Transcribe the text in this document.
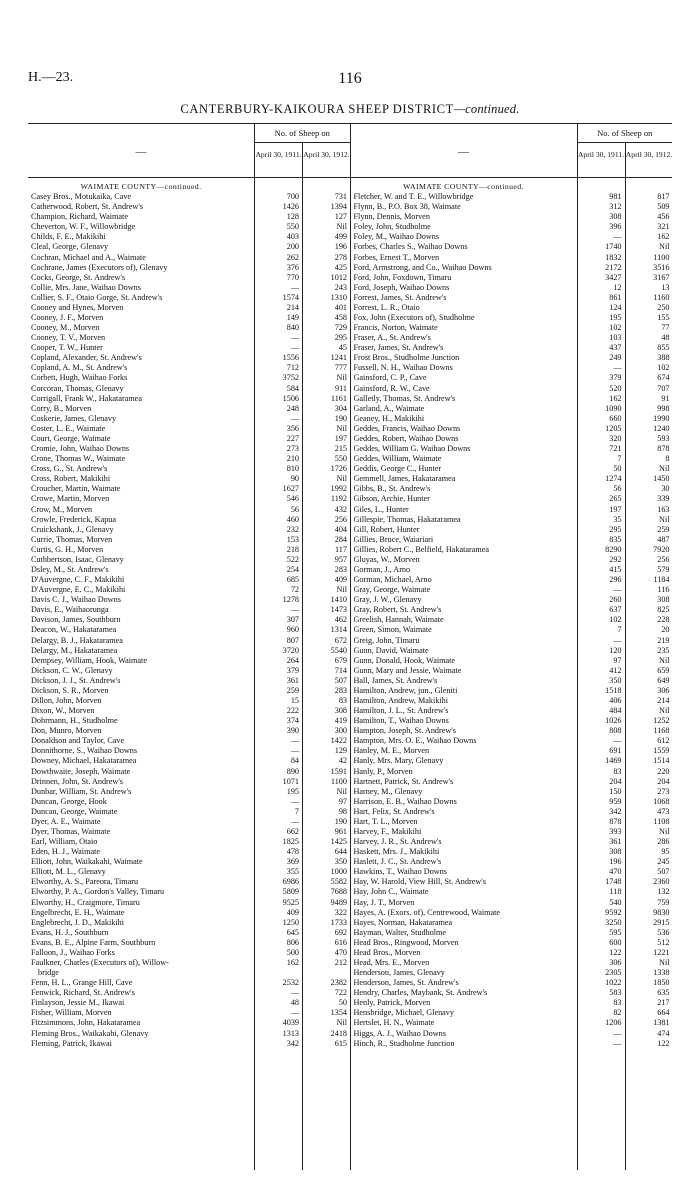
H.—23.	116
CANTERBURY-KAIKOURA SHEEP DISTRICT—continued.
—
No. of Sheep on
April 30, 1911. April 30, 1912.
WAIMATE COUNTY—continued.
Casey Bros., Motukaika, Cave	700	731
Catherwood, Robert, St. Andrew's	1426	1394
Champion, Richard, Waimate	128	127
Cheverton, W. F., Willowbridge	550	Nil
Childs, F. E., Makikihi	403	499
Cleal, George, Glenavy	200	196
Cochran, Michael and A., Waimate	262	278
Cochrane, James (Executors of), Glenavy	376	425
Cocks, George, St. Andrew's	770	1012
Collie, Mrs. Jane, Waihao Downs	—	243
Collier, S. F., Otaio Gorge, St. Andrew's	1574	1310
Cooney and Hynes, Morven	214	401
Cooney, J. F., Morven	149	458
Cooney, M., Morven	840	729
Cooney, T. V., Morven	—	295
Cooper, T. W., Hunter	—	45
Copland, Alexander, St. Andrew's	1556	1241
Copland, A. M., St. Andrew's	712	777
Corbett, Hugh, Waihao Forks	3752	Nil
Corcoran, Thomas, Glenavy	584	911
Corrigall, Frank W., Hakataramea	1506	1161
Corry, B., Morven	248	304
Coskerie, James, Glenavy	—	190
Coster, L. E., Waimate	356	Nil
Court, George, Waimate	227	197
Cromie, John, Waihao Downs	273	215
Crone, Thomas W., Waimate	210	550
Cross, G., St. Andrew's	810	1726
Cross, Robert, Makikihi	90	Nil
Croucher, Martin, Waimate	1627	1992
Crowe, Martin, Morven	546	1192
Crow, M., Morven	56	432
Crowle, Frederick, Kapua	460	256
Cruickshank, J., Glenavy	232	404
Currie, Thomas, Morven	153	284
Curtis, G. H., Morven	218	117
Cuthbertson, Isaac, Glenavy	522	957
Dsley, M., St. Andrew's	254	283
D'Auvergne, C. F., Makikihi	685	409
D'Auvergne, E. C., Makikihi	72	Nil
Davis C. J., Waihao Downs	1278	1410
Davis, E., Waihaorunga	—	1473
Davison, James, Southburn	307	462
Deacon, W., Hakataramea	960	1314
Delargy, B. J., Hakataramea	807	672
Delargy, M., Hakataramea	3720	5540
Dempsey, William, Hook, Waimate	264	679
Dickson, C. W., Glenavy	379	714
Dickson, J. J., St. Andrew's	361	507
Dickson, S. R., Morven	259	283
Dillon, John, Morven	15	83
Dixon, W., Morven	222	308
Dohrmann, H., Studholme	374	419
Don, Munro, Morven	390	300
Donaldson and Taylor, Cave	—	1422
Donnithorne, S., Waihao Downs	—	129
Downey, Michael, Hakataramea	84	42
Dowthwaite, Joseph, Waimate	890	1591
Drinnen, John, St. Andrew's	1071	1100
Dunbar, William, St. Andrew's	195	Nil
Duncan, George, Hook	—	97
Duncan, George, Waimate	7	98
Dyer, A. E., Waimate	—	190
Dyer, Thomas, Waimate	662	961
Earl, William, Otaio	1825	1425
Eden, H. J., Waimate	478	644
Elliott, John, Waikakahi, Waimate	369	350
Elliott, M. L., Glenavy	355	1000
Elworthy, A. S., Pareora, Timaru	6986	5582
Elworthy, P. A., Gordon's Valley, Timaru	5809	7688
Elworthy, H., Craigmore, Timaru	9525	9489
Engelbrecht, E. H., Waimate	409	322
Englebrecht, J. D., Makikihi	1250	1733
Evans, H. J., Southburn	645	692
Evans, B. E., Alpine Farm, Southburn	806	616
Falloon, J., Waihao Forks	500	470
Faulkner, Charles (Executors of), Willow-	162	212
bridge
Fenn, H. L., Grange Hill, Cave	2532	2382
Fenwick, Richard, St. Andrew's	—	722
Finlayson, Jessie M., Ikawai	48	50
Fisher, William, Morven	—	1354
Fitzsimmons, John, Hakataramea	4039	Nil
Fleming Bros., Waikakahi, Glenavy	1313	2418
Fleming, Patrick, Ikawai	342	615
—
No. of Sheep on
April 30, 1911. April 30, 1912.
WAIMATE COUNTY—continued.
Fletcher, W. and T. E., Willowbridge	981	817
Flynn, B., P.O. Box 38, Waimate	312	509
Flynn, Dennis, Morven	308	456
Foley, John, Studholme	396	321
Foley, M., Waihao Downs	—	162
Forbes, Charles S., Waihao Downs	1740	Nil
Forbes, Ernest T., Morven	1832	1100
Ford, Armstrong, and Co., Waihao Downs	2172	3516
Ford, John, Foxdown, Timaru	3427	3167
Ford, Joseph, Waihao Downs	12	13
Forrest, James, St. Andrew's	861	1160
Forrest, L. R., Otaio	124	250
Fox, John (Executors of), Studholme	195	155
Francis, Norton, Waimate	102	77
Fraser, A., St. Andrew's	103	48
Fraser, James, St. Andrew's	437	855
Frost Bros., Studholme Junction	249	388
Fussell, N. H., Waihao Downs	—	102
Gainsford, C. P., Cave	379	674
Gainsford, R. W., Cave	520	707
Galletly, Thomas, St. Andrew's	162	91
Garland, A., Waimate	1090	998
Geaney, H., Makikihi	660	1990
Geddes, Francis, Waihao Downs	1205	1240
Geddes, Robert, Waihao Downs	320	593
Geddes, William G. Waihao Downs	721	878
Geddes, William, Waimate	7	8
Geddis, George C., Hunter	50	Nil
Gemmell, James, Hakataramea	1274	1450
Gibbs, B., St. Andrew's	56	30
Gibson, Archie, Hunter	265	339
Giles, L., Hunter	197	163
Gillespie, Thomas, Hakataramea	35	Nil
Gill, Robert, Hunter	295	259
Gillies, Bruce, Waiariari	835	487
Gillies, Robert C., Belfield, Hakataramea	8290	7920
Gluyas, W., Morven	292	256
Gorman, J., Arno	415	579
Gorman, Michael, Arno	296	1184
Gray, George, Waimate	—	116
Gray, J. W., Glenavy	260	308
Gray, Robert, St. Andrew's	637	825
Greelish, Hannah, Waimate	102	228
Green, Simon, Waimate	7	20
Greig, John, Timaru	—	219
Gunn, David, Waimate	120	235
Gunn, Donald, Hook, Waimate	97	Nil
Gunn, Mary and Jessie, Waimate	412	659
Hall, James, St. Andrew's	350	649
Hamilton, Andrew, jun., Gleniti	1518	306
Hamilton, Andrew, Makikihi	406	214
Hamilton, J. L., St. Andrew's	484	Nil
Hamilton, T., Waihao Downs	1026	1252
Hampton, Joseph, St. Andrew's	808	1168
Hampton, Mrs. O. E., Waihao Downs	—	612
Hanley, M. E., Morven	691	1559
Hanly, Mrs. Mary, Glenavy	1469	1514
Hanly, P., Morven	83	220
Hartnett, Patrick, St. Andrew's	204	204
Harney, M., Glenavy	150	273
Harrison, E. B., Waihao Downs	959	1068
Hart, Felix, St. Andrew's	342	473
Hart, T. L., Morven	878	1108
Harvey, F., Makikihi	393	Nil
Harvey, J. R., St. Andrew's	361	286
Haskett, Mrs. J., Makikihi	308	95
Haslett, J. C., St. Andrew's	196	245
Hawkins, T., Waihao Downs	470	507
Hay, W. Harold, View Hill, St. Andrew's	1748	2360
Hay, John C., Waimate	118	132
Hay, J. T., Morven	540	759
Hayes, A. (Exors. of), Centrewood, Waimate	9592	9830
Hayes, Norman, Hakataramea	3250	2915
Hayman, Walter, Studholme	595	536
Head Bros., Ringwood, Morven	600	512
Head Bros., Morven	122	1221
Head, Mrs. E., Morven	306	Nil
Henderson, James, Glenavy	2305	1338
Henderson, James, St. Andrew's	1022	1850
Hendry, Charles, Maybank, St. Andrew's	583	635
Henly, Patrick, Morven	83	217
Hensbridge, Michael, Glenavy	82	664
Hertslet, H. N., Waimate	1206	1381
Higgs, A. J., Waihao Downs	—	474
Hinch, R., Studholme Junction	—	122
